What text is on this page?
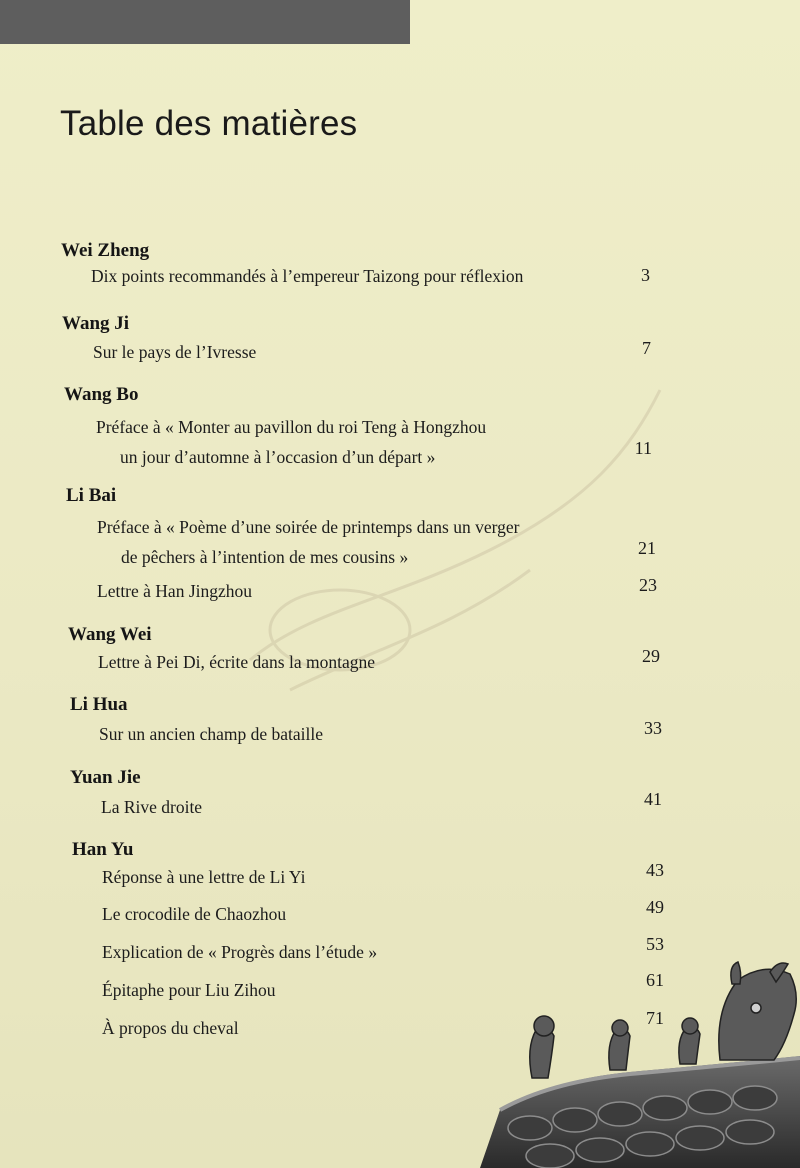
Table des matières
Wei Zheng
Dix points recommandés à l’empereur Taizong pour réflexion	3
Wang Ji
Sur le pays de l’Ivresse	7
Wang Bo
Préface à « Monter au pavillon du roi Teng à Hongzhou
un jour d’automne à l’occasion d’un départ »	11
Li Bai
Préface à « Poème d’une soirée de printemps dans un verger
de pêchers à l’intention de mes cousins »	21
Lettre à Han Jingzhou	23
Wang Wei
Lettre à Pei Di, écrite dans la montagne	29
Li Hua
Sur un ancien champ de bataille	33
Yuan Jie
La Rive droite	41
Han Yu
Réponse à une lettre de Li Yi	43
Le crocodile de Chaozhou	49
Explication de « Progrès dans l’étude »	53
Épitaphe pour Liu Zihou	61
À propos du cheval	71
